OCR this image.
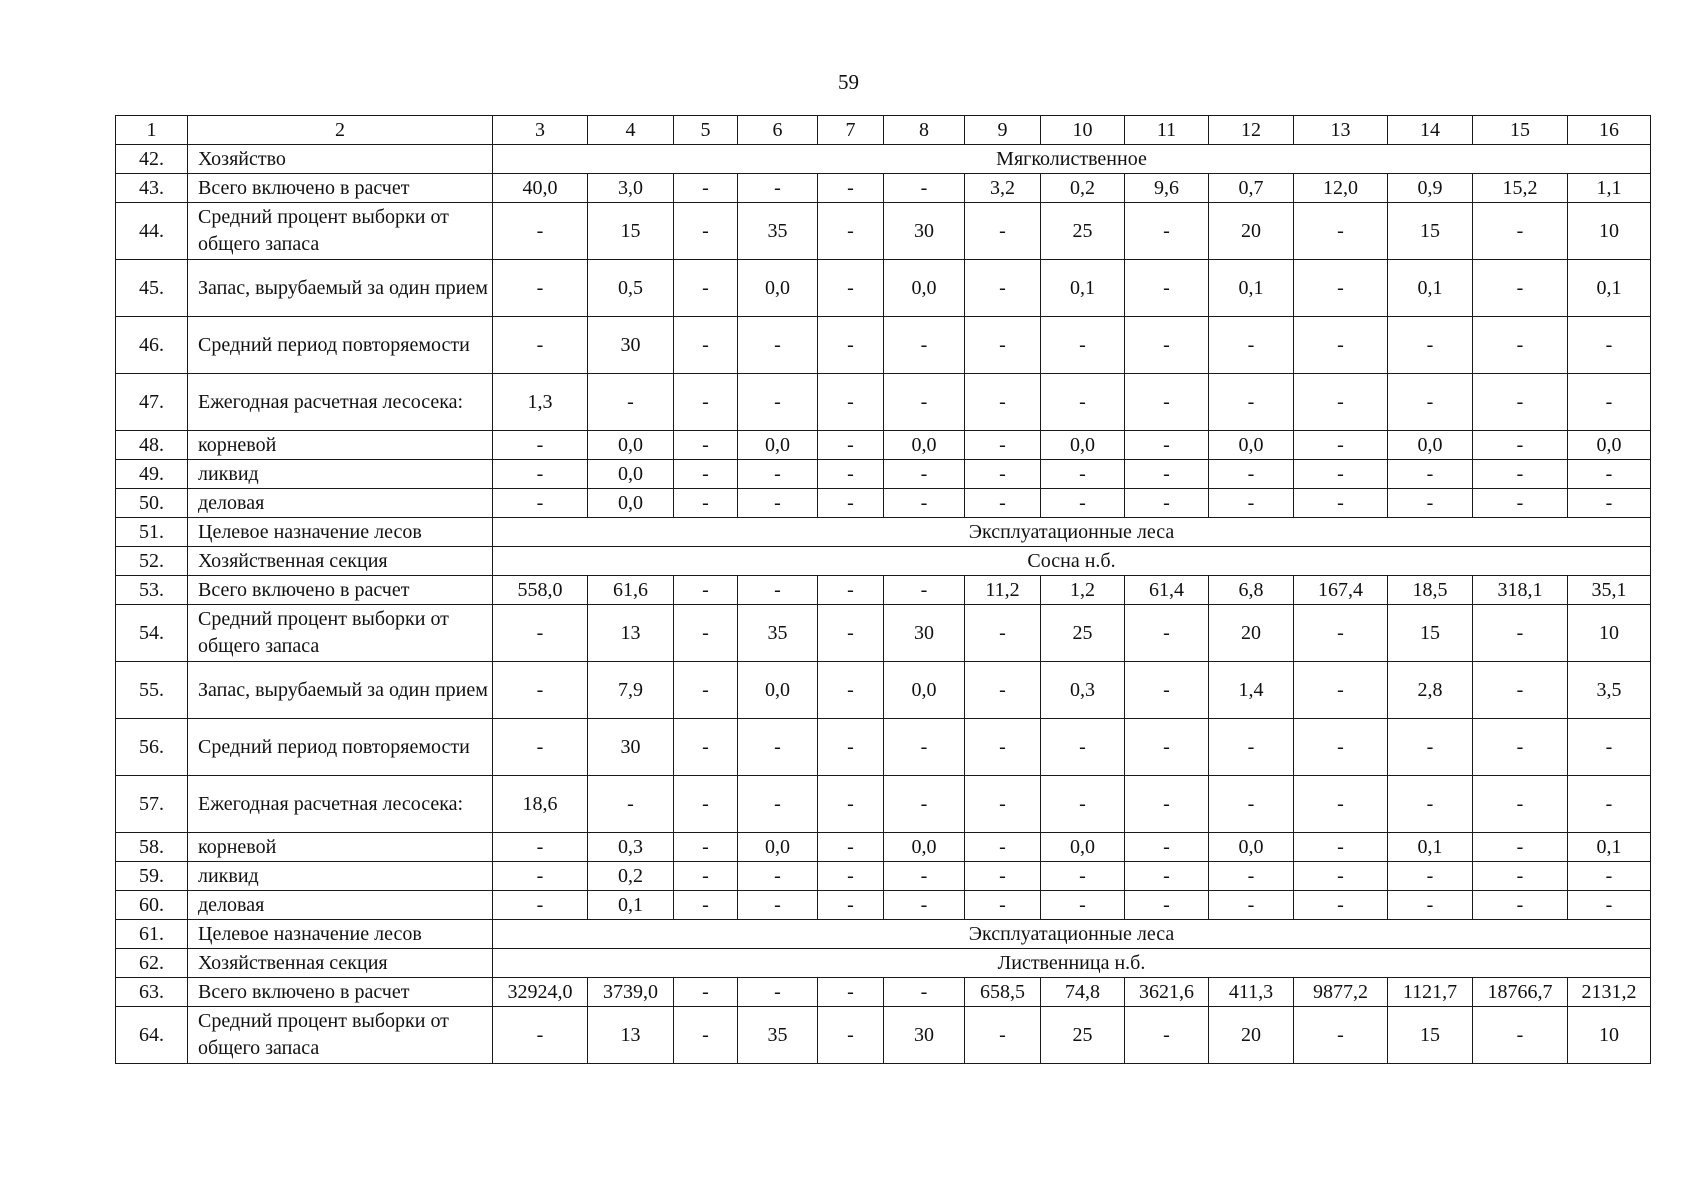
59
1	2	3	4	5	6	7	8	9	10	11	12	13	14	15	16
42.	Хозяйство	Мягколиственное													
43.	Всего включено в расчет	40,0	3,0	-	-	-	-	3,2	0,2	9,6	0,7	12,0	0,9	15,2	1,1
44.	Средний процент выборки от общего запаса	-	15	-	35	-	30	-	25	-	20	-	15	-	10
45.	Запас, вырубаемый за один прием	-	0,5	-	0,0	-	0,0	-	0,1	-	0,1	-	0,1	-	0,1
46.	Средний период повторяемости	-	30	-	-	-	-	-	-	-	-	-	-	-	-
47.	Ежегодная расчетная лесосека:	1,3	-	-	-	-	-	-	-	-	-	-	-	-	-
48.	корневой	-	0,0	-	0,0	-	0,0	-	0,0	-	0,0	-	0,0	-	0,0
49.	ликвид	-	0,0	-	-	-	-	-	-	-	-	-	-	-	-
50.	деловая	-	0,0	-	-	-	-	-	-	-	-	-	-	-	-
51.	Целевое назначение лесов	Эксплуатационные леса													
52.	Хозяйственная секция	Сосна н.б.													
53.	Всего включено в расчет	558,0	61,6	-	-	-	-	11,2	1,2	61,4	6,8	167,4	18,5	318,1	35,1
54.	Средний процент выборки от общего запаса	-	13	-	35	-	30	-	25	-	20	-	15	-	10
55.	Запас, вырубаемый за один прием	-	7,9	-	0,0	-	0,0	-	0,3	-	1,4	-	2,8	-	3,5
56.	Средний период повторяемости	-	30	-	-	-	-	-	-	-	-	-	-	-	-
57.	Ежегодная расчетная лесосека:	18,6	-	-	-	-	-	-	-	-	-	-	-	-	-
58.	корневой	-	0,3	-	0,0	-	0,0	-	0,0	-	0,0	-	0,1	-	0,1
59.	ликвид	-	0,2	-	-	-	-	-	-	-	-	-	-	-	-
60.	деловая	-	0,1	-	-	-	-	-	-	-	-	-	-	-	-
61.	Целевое назначение лесов	Эксплуатационные леса													
62.	Хозяйственная секция	Лиственница н.б.													
63.	Всего включено в расчет	32924,0	3739,0	-	-	-	-	658,5	74,8	3621,6	411,3	9877,2	1121,7	18766,7	2131,2
64.	Средний процент выборки от общего запаса	-	13	-	35	-	30	-	25	-	20	-	15	-	10
